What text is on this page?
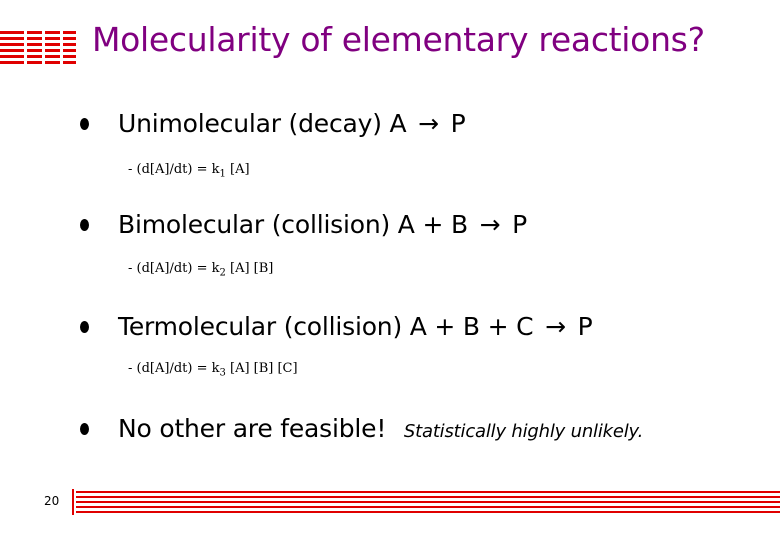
Molecularity of elementary reactions?
Unimolecular (decay) A → P
- $(d[A]/dt) = k_1$ [A]
Bimolecular (collision) A + B → P
- $(d[A]/dt) = k_2$ [A] [B]
Termolecular (collision) A + B + C → P
- $(d[A]/dt) = k_3$ [A] [B] [C]
No other are feasible! Statistically highly unlikely.
20
